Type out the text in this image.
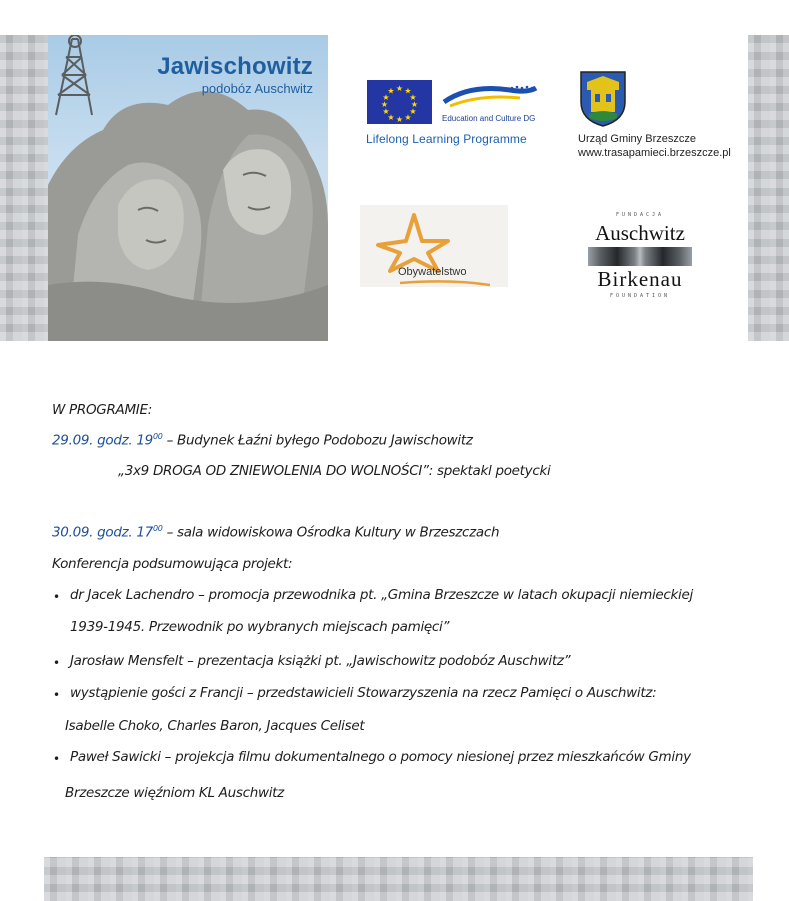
Jawischowitz
podobóz Auschwitz	★ ★
★
★
★
★
★
★
★
★
★
★
Education and Culture DG
Lifelong Learning Programme	Urząd Gminy Brzeszcze
www.trasapamieci.brzeszcze.pl
Obywatelstwo
FUNDACJA
Auschwitz
Birkenau
FOUNDATION
W PROGRAMIE:
29.09. godz. $19^{00}$ – Budynek Łaźni byłego Podobozu Jawischowitz
„3x9 DROGA OD ZNIEWOLENIA DO WOLNOŚCI”: spektakl poetycki
30.09. godz. $17^{00}$ – sala widowiskowa Ośrodka Kultury w Brzeszczach
Konferencja podsumowująca projekt:
• dr Jacek Lachendro – promocja przewodnika pt. „Gmina Brzeszcze w latach okupacji niemieckiej
1939-1945. Przewodnik po wybranych miejscach pamięci”
• Jarosław Mensfelt – prezentacja książki pt. „Jawischowitz podobóz Auschwitz”
• wystąpienie gości z Francji – przedstawicieli Stowarzyszenia na rzecz Pamięci o Auschwitz:
Isabelle Choko, Charles Baron, Jacques Celiset
• Paweł Sawicki – projekcja filmu dokumentalnego o pomocy niesionej przez mieszkańców Gminy
Brzeszcze więźniom KL Auschwitz
